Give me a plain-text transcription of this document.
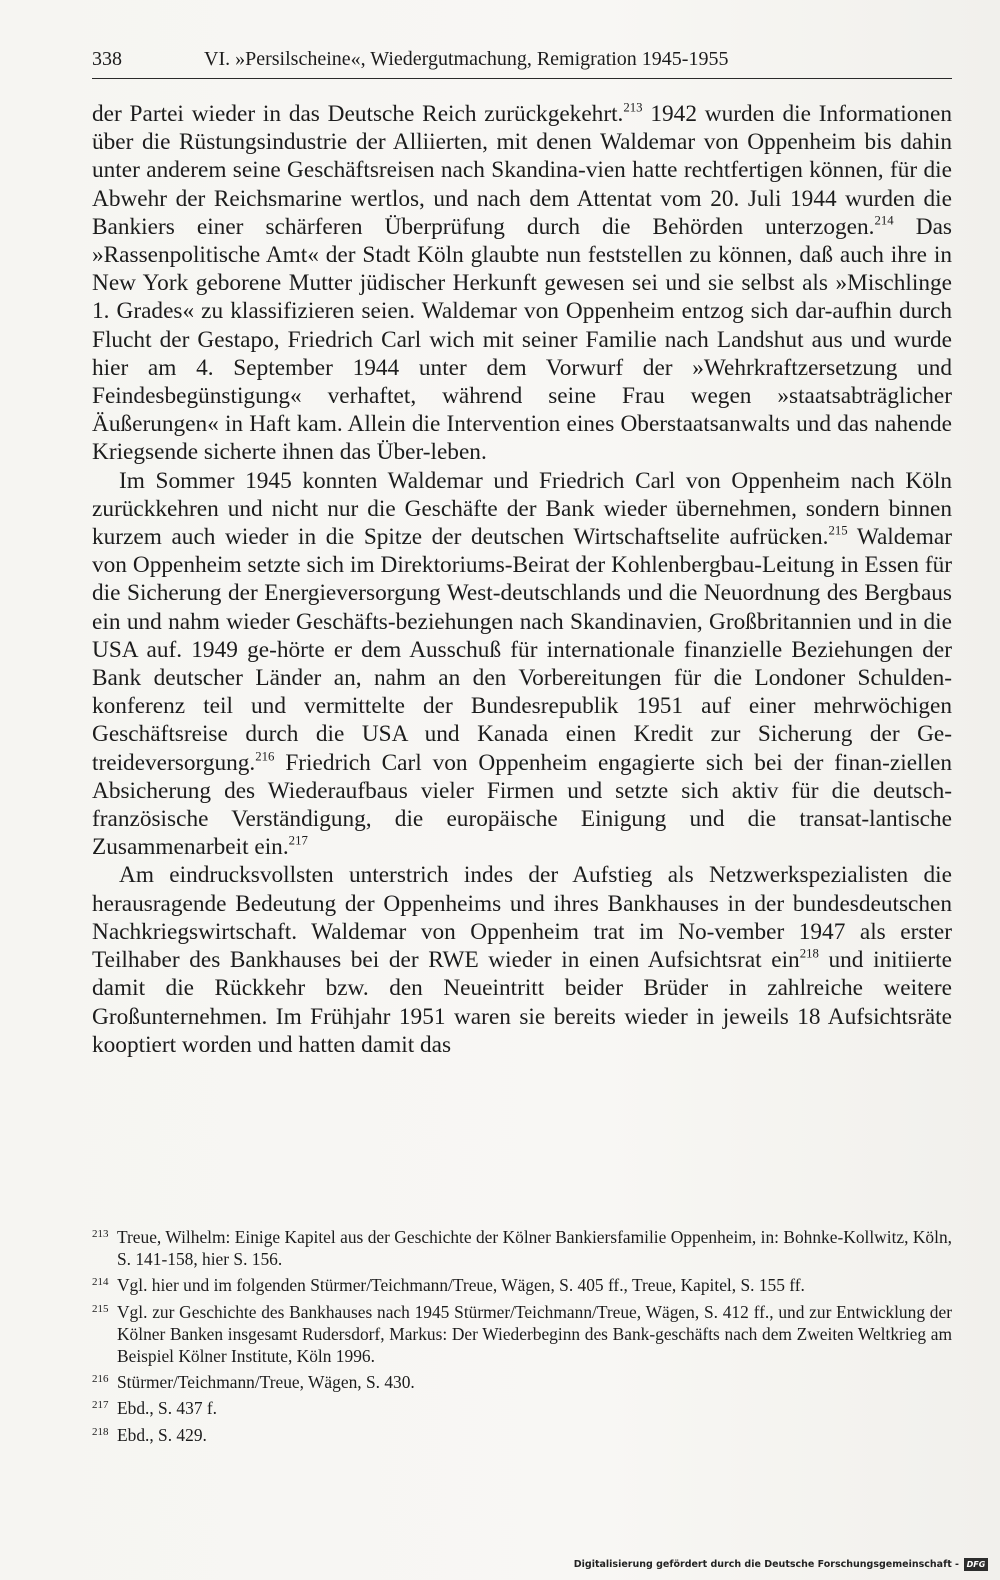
338	VI. »Persilscheine«, Wiedergutmachung, Remigration 1945-1955

der Partei wieder in das Deutsche Reich zurückgekehrt.$^{213}$ 1942 wurden die Informationen über die Rüstungsindustrie der Alliierten, mit denen Waldemar von Oppenheim bis dahin unter anderem seine Geschäftsreisen nach Skandina-vien hatte rechtfertigen können, für die Abwehr der Reichsmarine wertlos, und nach dem Attentat vom 20. Juli 1944 wurden die Bankiers einer schärferen Überprüfung durch die Behörden unterzogen.$^{214}$ Das »Rassenpolitische Amt« der Stadt Köln glaubte nun feststellen zu können, daß auch ihre in New York geborene Mutter jüdischer Herkunft gewesen sei und sie selbst als »Mischlinge 1. Grades« zu klassifizieren seien. Waldemar von Oppenheim entzog sich dar-aufhin durch Flucht der Gestapo, Friedrich Carl wich mit seiner Familie nach Landshut aus und wurde hier am 4. September 1944 unter dem Vorwurf der »Wehrkraftzersetzung und Feindesbegünstigung« verhaftet, während seine Frau wegen »staatsabträglicher Äußerungen« in Haft kam. Allein die Intervention eines Oberstaatsanwalts und das nahende Kriegsende sicherte ihnen das Über-leben.

Im Sommer 1945 konnten Waldemar und Friedrich Carl von Oppenheim nach Köln zurückkehren und nicht nur die Geschäfte der Bank wieder übernehmen, sondern binnen kurzem auch wieder in die Spitze der deutschen Wirtschaftselite aufrücken.$^{215}$ Waldemar von Oppenheim setzte sich im Direktoriums-Beirat der Kohlenbergbau-Leitung in Essen für die Sicherung der Energieversorgung West-deutschlands und die Neuordnung des Bergbaus ein und nahm wieder Geschäfts-beziehungen nach Skandinavien, Großbritannien und in die USA auf. 1949 ge-hörte er dem Ausschuß für internationale finanzielle Beziehungen der Bank deutscher Länder an, nahm an den Vorbereitungen für die Londoner Schulden-konferenz teil und vermittelte der Bundesrepublik 1951 auf einer mehrwöchigen Geschäftsreise durch die USA und Kanada einen Kredit zur Sicherung der Ge-treideversorgung.$^{216}$ Friedrich Carl von Oppenheim engagierte sich bei der finan-ziellen Absicherung des Wiederaufbaus vieler Firmen und setzte sich aktiv für die deutsch-französische Verständigung, die europäische Einigung und die transat-lantische Zusammenarbeit ein.$^{217}$

Am eindrucksvollsten unterstrich indes der Aufstieg als Netzwerkspezialisten die herausragende Bedeutung der Oppenheims und ihres Bankhauses in der bundesdeutschen Nachkriegswirtschaft. Waldemar von Oppenheim trat im No-vember 1947 als erster Teilhaber des Bankhauses bei der RWE wieder in einen Aufsichtsrat ein$^{218}$ und initiierte damit die Rückkehr bzw. den Neueintritt beider Brüder in zahlreiche weitere Großunternehmen. Im Frühjahr 1951 waren sie bereits wieder in jeweils 18 Aufsichtsräte kooptiert worden und hatten damit das

213 Treue, Wilhelm: Einige Kapitel aus der Geschichte der Kölner Bankiersfamilie Oppenheim, in: Bohnke-Kollwitz, Köln, S. 141-158, hier S. 156.
214 Vgl. hier und im folgenden Stürmer/Teichmann/Treue, Wägen, S. 405 ff., Treue, Kapitel, S. 155 ff.
215 Vgl. zur Geschichte des Bankhauses nach 1945 Stürmer/Teichmann/Treue, Wägen, S. 412 ff., und zur Entwicklung der Kölner Banken insgesamt Rudersdorf, Markus: Der Wiederbeginn des Bank-geschäfts nach dem Zweiten Weltkrieg am Beispiel Kölner Institute, Köln 1996.
216 Stürmer/Teichmann/Treue, Wägen, S. 430.
217 Ebd., S. 437 f.
218 Ebd., S. 429.
Digitalisierung gefördert durch die Deutsche Forschungsgemeinschaft - DFG
